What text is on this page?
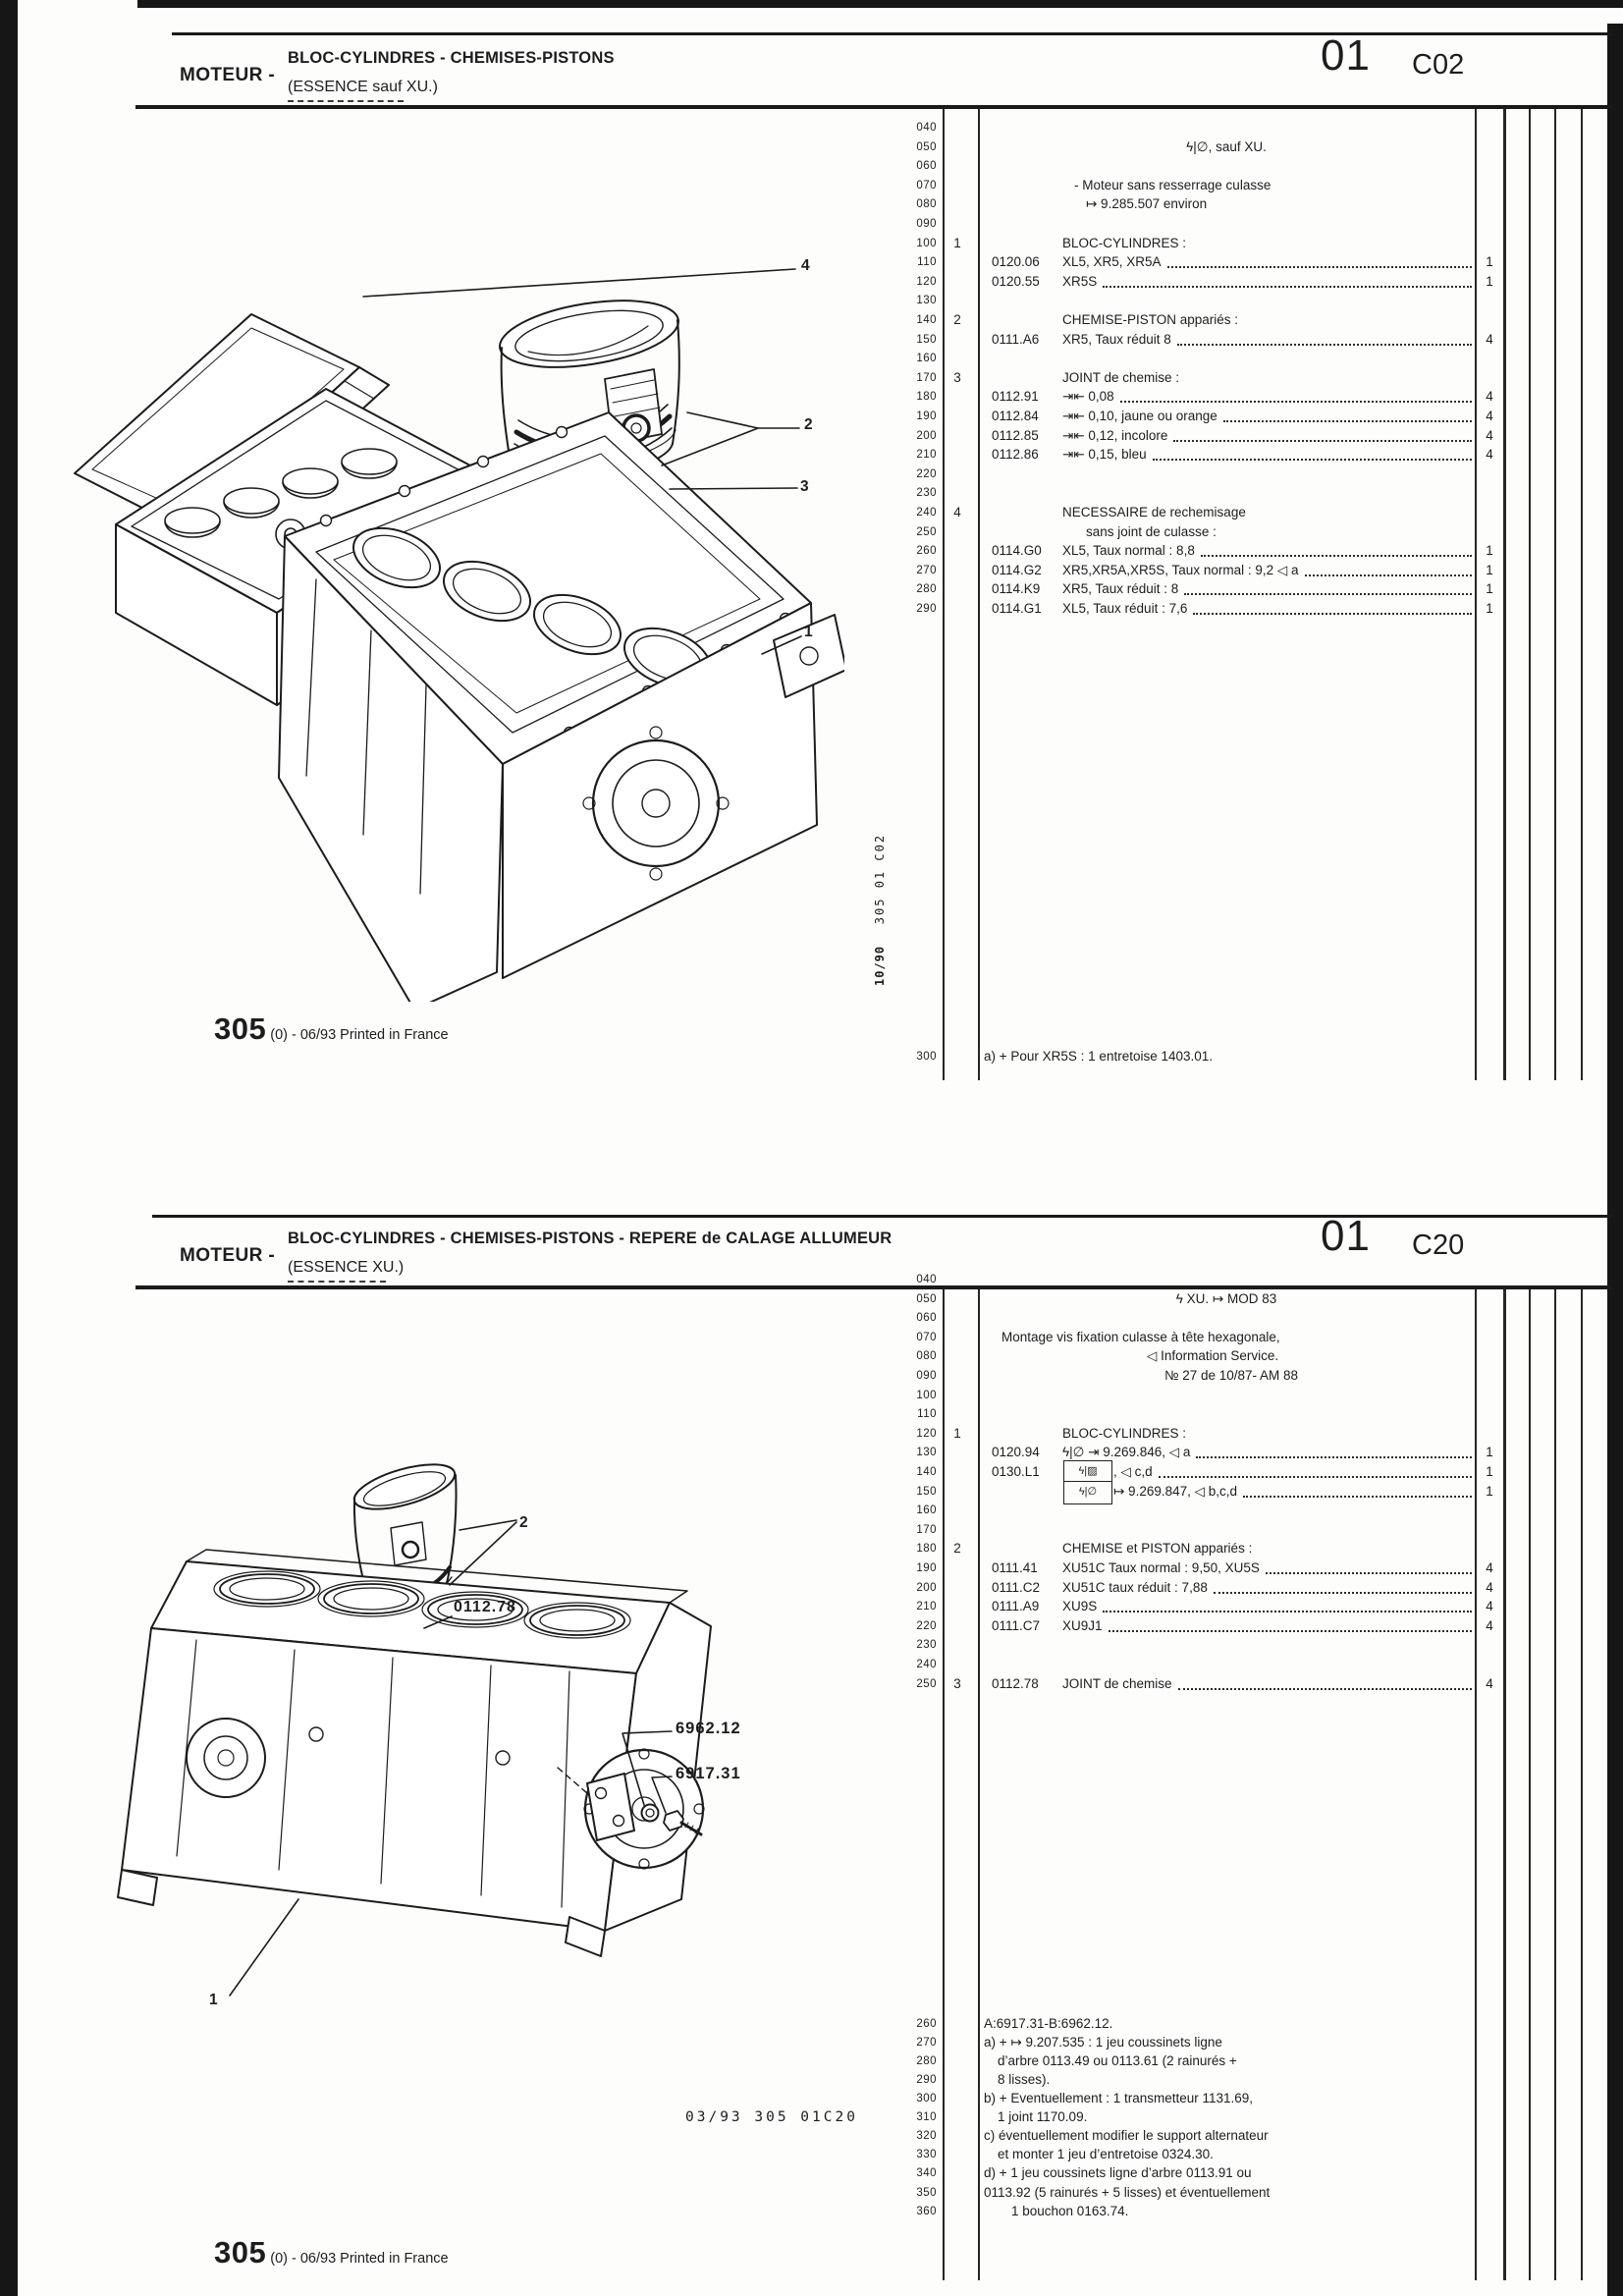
MOTEUR -
BLOC-CYLINDRES - CHEMISES-PISTONS
(ESSENCE sauf XU.)
01 C02
040
050	ϟ|∅, sauf XU.
060
070	- Moteur sans resserrage culasse
080	↦ 9.285.507 environ
090
100	1	BLOC-CYLINDRES :
110	0120.06 XL5, XR5, XR5A	1
120	0120.55 XR5S	1
130
140	2	CHEMISE-PISTON appariés :
150	0111.A6 XR5, Taux réduit 8	4
160
170	3	JOINT de chemise :
180	0112.91 ⇥⇤ 0,08	4
190	0112.84 ⇥⇤ 0,10, jaune ou orange	4
200	0112.85 ⇥⇤ 0,12, incolore	4
210	0112.86 ⇥⇤ 0,15, bleu	4
220
230
240	4	NECESSAIRE de rechemisage
250	sans joint de culasse :
260	0114.G0 XL5, Taux normal : 8,8	1
270	0114.G2 XR5,XR5A,XR5S, Taux normal : 9,2 ◁ a	1
280	0114.K9 XR5, Taux réduit : 8	1
290	0114.G1 XL5, Taux réduit : 7,6	1
300	a) + Pour XR5S : 1 entretoise 1403.01.
4
2
3
1
10/90   305 01 C02
305 (0) - 06/93 Printed in France
MOTEUR -
BLOC-CYLINDRES - CHEMISES-PISTONS - REPERE de CALAGE ALLUMEUR
(ESSENCE XU.)
01 C20
040
050	ϟ XU. ↦ MOD 83
060
070	Montage vis fixation culasse à tête hexagonale,
080	◁ Information Service.
090	№ 27 de 10/87- AM 88
100
110
120	1	BLOC-CYLINDRES :
130	0120.94 ϟ|∅ ⇥ 9.269.846, ◁ a	1
140	0130.L1	, ◁ c,d	1
150	↦ 9.269.847, ◁ b,c,d	1
160
170
180	2	CHEMISE et PISTON appariés :
190	0111.41 XU51C Taux normal : 9,50, XU5S	4
200	0111.C2 XU51C taux réduit : 7,88	4
210	0111.A9 XU9S	4
220	0111.C7 XU9J1	4
230
240
250	3	0112.78 JOINT de chemise	4
260	A:6917.31-B:6962.12.
270	a) + ↦ 9.207.535 : 1 jeu coussinets ligne
280	d’arbre 0113.49 ou 0113.61 (2 rainurés +
290	8 lisses).
300	b) + Eventuellement : 1 transmetteur 1131.69,
310	1 joint 1170.09.
320	c) éventuellement modifier le support alternateur
330	et monter 1 jeu d’entretoise 0324.30.
340	d) + 1 jeu coussinets ligne d’arbre 0113.91 ou
350	0113.92 (5 rainurés + 5 lisses) et éventuellement
360	1 bouchon 0163.74.
ϟ|▨
ϟ|∅
2
1
0112.78
6962.12
6917.31
03/93 305 01C20
305 (0) - 06/93 Printed in France
